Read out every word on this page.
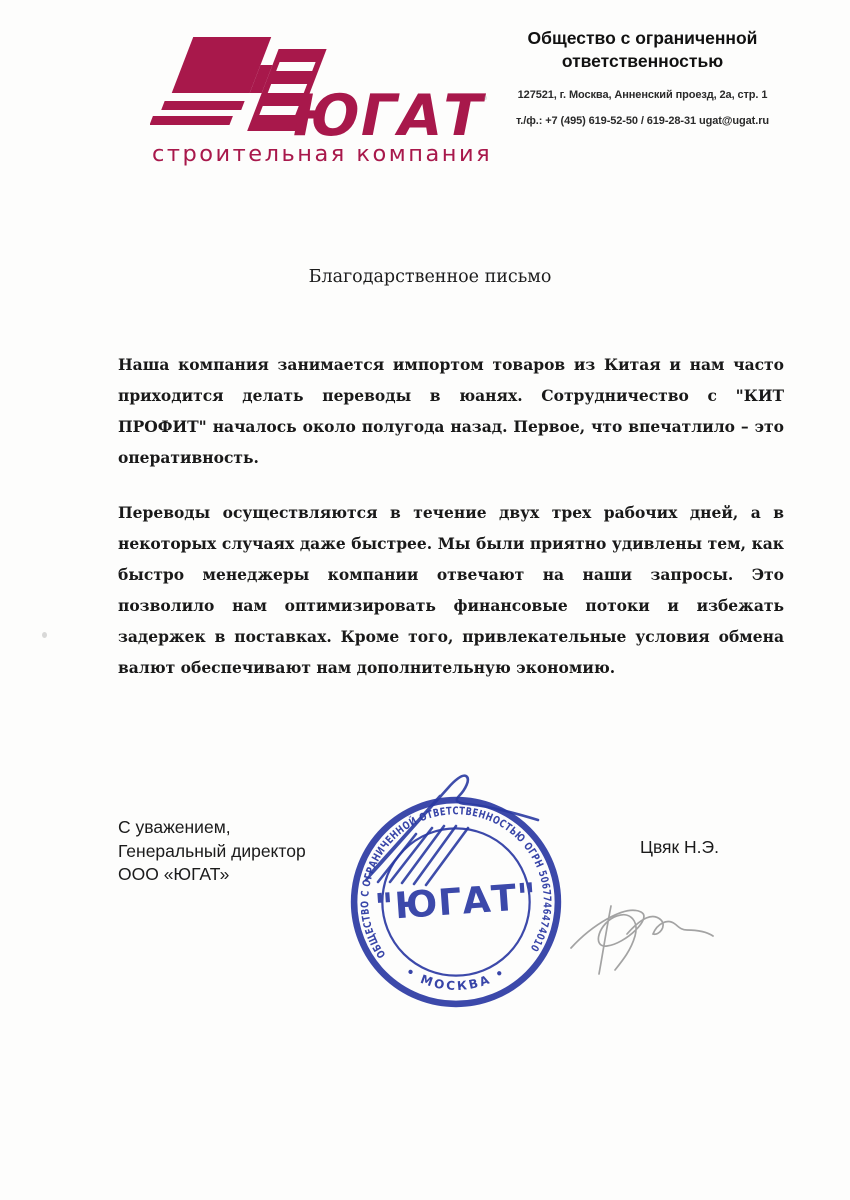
ЮГАТ
строительная компания
Общество с ограниченной
ответственностью
127521, г. Москва, Анненский проезд, 2а, стр. 1
т./ф.: +7 (495) 619-52-50 / 619-28-31 ugat@ugat.ru
Благодарственное письмо

Наша компания занимается импортом товаров из Китая и нам часто приходится делать переводы в юанях. Сотрудничество с "КИТ ПРОФИТ" началось около полугода назад. Первое, что впечатлило – это оперативность.

Переводы осуществляются в течение двух трех рабочих дней, а в некоторых случаях даже быстрее. Мы были приятно удивлены тем, как быстро менеджеры компании отвечают на наши запросы. Это позволило нам оптимизировать финансовые потоки и избежать задержек в поставках. Кроме того, привлекательные условия обмена валют обеспечивают нам дополнительную экономию.

С уважением,
Генеральный директор
ООО «ЮГАТ»
Цвяк Н.Э.
ОБЩЕСТВО С ОГРАНИЧЕННОЙ ОТВЕТСТВЕННОСТЬЮ ОГРН 5067746474010
• МОСКВА •
"ЮГАТ"
